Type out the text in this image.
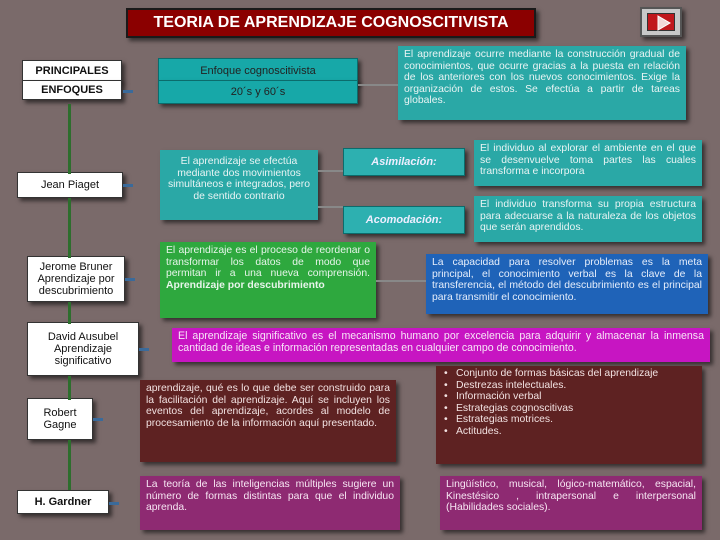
TEORIA DE APRENDIZAJE COGNOSCITIVISTA
PRINCIPALES
ENFOQUES
Jean Piaget
Jerome Bruner Aprendizaje por descubrimiento
David Ausubel Aprendizaje significativo
Robert Gagne
H. Gardner
Enfoque cognoscitivista
20´s y 60´s
El aprendizaje ocurre mediante la construcción gradual de conocimientos, que ocurre gracias a la puesta en relación de los anteriores con los nuevos conocimientos. Exige la organización de estos. Se efectúa a partir de tareas globales.
El aprendizaje se efectúa mediante dos movimientos simultáneos e integrados, pero de sentido contrario
Asimilación:
Acomodación:
El individuo al explorar el ambiente en el que se desenvuelve toma partes las cuales transforma e incorpora
El individuo transforma su propia estructura para adecuarse a la naturaleza de los objetos que serán aprendidos.
El aprendizaje es el proceso de reordenar o transformar los datos de modo que permitan ir a una nueva comprensión. Aprendizaje por descubrimiento
La capacidad para resolver problemas es la meta principal, el conocimiento verbal es la clave de la transferencia, el método del descubrimiento es el principal para transmitir el conocimiento.
El aprendizaje significativo es el mecanismo humano por excelencia para adquirir y almacenar la inmensa cantidad de ideas e información representadas en cualquier campo de conocimiento.
aprendizaje, qué es lo que debe ser construido para la facilitación del aprendizaje. Aquí se incluyen los eventos del aprendizaje, acordes al modelo de procesamiento de la información aquí presentado.
• Conjunto de formas básicas del aprendizaje
• Destrezas intelectuales.
• Información verbal
• Estrategias cognoscitivas
• Estrategias motrices.
• Actitudes.
La teoría de las inteligencias múltiples sugiere un número de formas distintas para que el individuo aprenda.
Lingüístico, musical, lógico-matemático, espacial, Kinestésico , intrapersonal e interpersonal (Habilidades sociales).
